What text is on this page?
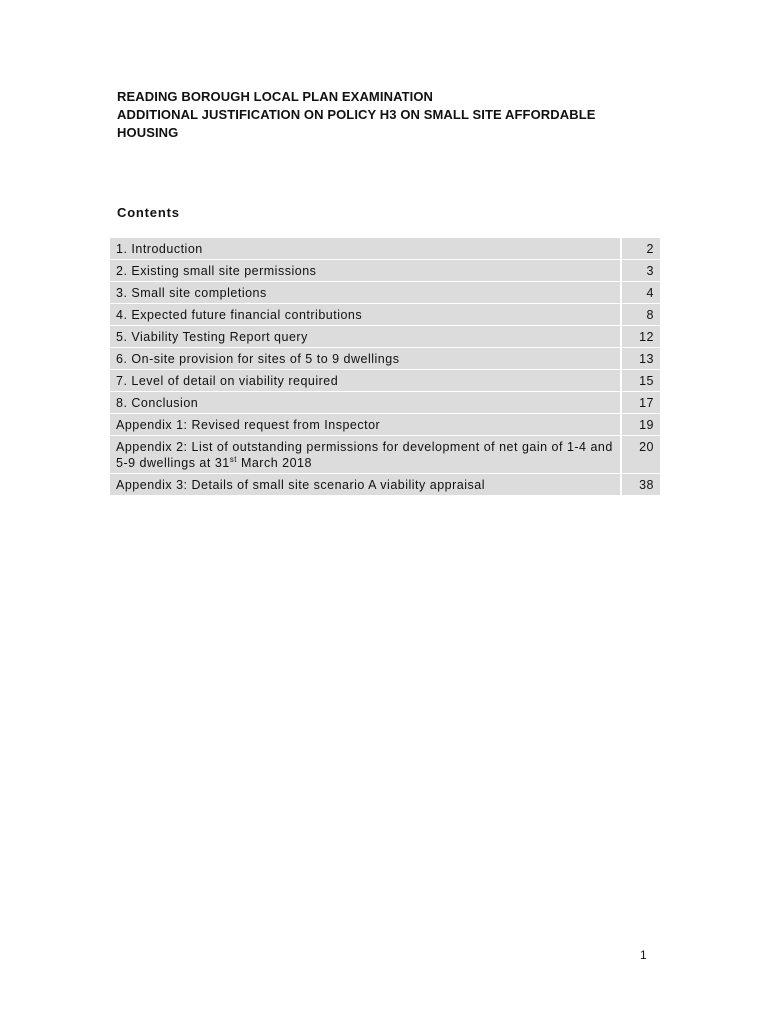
READING BOROUGH LOCAL PLAN EXAMINATION
ADDITIONAL JUSTIFICATION ON POLICY H3 ON SMALL SITE AFFORDABLE
HOUSING
Contents
1. Introduction	2
2. Existing small site permissions	3
3. Small site completions	4
4. Expected future financial contributions	8
5. Viability Testing Report query	12
6. On-site provision for sites of 5 to 9 dwellings	13
7. Level of detail on viability required	15
8. Conclusion	17
Appendix 1: Revised request from Inspector	19
Appendix 2: List of outstanding permissions for development of net gain of 1-4 and 5-9 dwellings at 31st March 2018	20
Appendix 3: Details of small site scenario A viability appraisal	38
1
